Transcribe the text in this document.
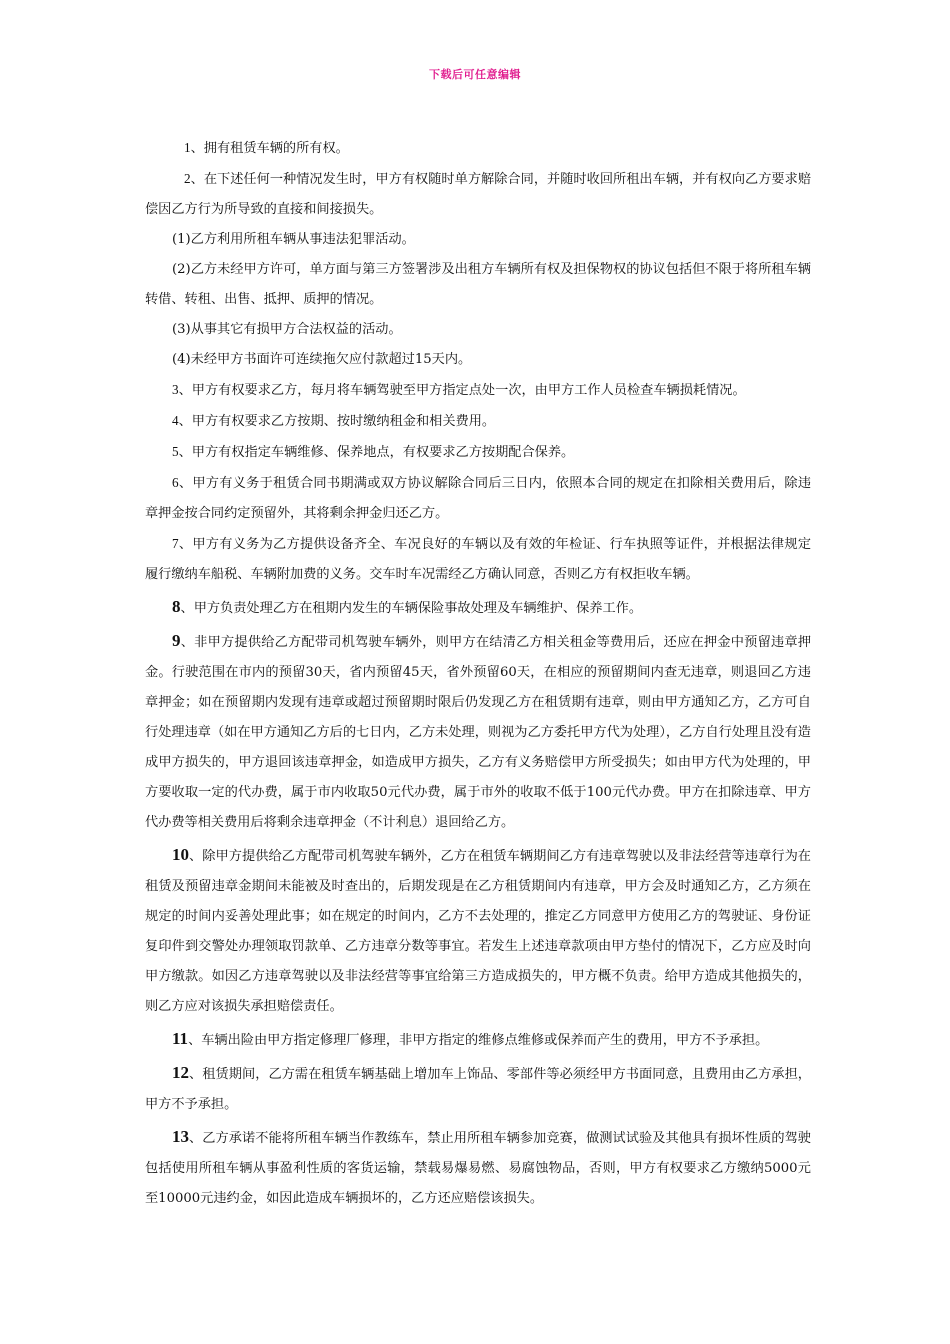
下载后可任意编辑

1、拥有租赁车辆的所有权。

2、在下述任何一种情况发生时，甲方有权随时单方解除合同，并随时收回所租出车辆，并有权向乙方要求赔偿因乙方行为所导致的直接和间接损失。

(1)乙方利用所租车辆从事违法犯罪活动。

(2)乙方未经甲方许可，单方面与第三方签署涉及出租方车辆所有权及担保物权的协议包括但不限于将所租车辆转借、转租、出售、抵押、质押的情况。

(3)从事其它有损甲方合法权益的活动。

(4)未经甲方书面许可连续拖欠应付款超过15天内。

3、甲方有权要求乙方，每月将车辆驾驶至甲方指定点处一次，由甲方工作人员检查车辆损耗情况。

4、甲方有权要求乙方按期、按时缴纳租金和相关费用。

5、甲方有权指定车辆维修、保养地点，有权要求乙方按期配合保养。

6、甲方有义务于租赁合同书期满或双方协议解除合同后三日内，依照本合同的规定在扣除相关费用后，除违章押金按合同约定预留外，其将剩余押金归还乙方。

7、甲方有义务为乙方提供设备齐全、车况良好的车辆以及有效的年检证、行车执照等证件，并根据法律规定履行缴纳车船税、车辆附加费的义务。交车时车况需经乙方确认同意，否则乙方有权拒收车辆。

8、甲方负责处理乙方在租期内发生的车辆保险事故处理及车辆维护、保养工作。

9、非甲方提供给乙方配带司机驾驶车辆外，则甲方在结清乙方相关租金等费用后，还应在押金中预留违章押金。行驶范围在市内的预留30天，省内预留45天，省外预留60天，在相应的预留期间内查无违章，则退回乙方违章押金；如在预留期内发现有违章或超过预留期时限后仍发现乙方在租赁期有违章，则由甲方通知乙方，乙方可自行处理违章（如在甲方通知乙方后的七日内，乙方未处理，则视为乙方委托甲方代为处理），乙方自行处理且没有造成甲方损失的，甲方退回该违章押金，如造成甲方损失，乙方有义务赔偿甲方所受损失；如由甲方代为处理的，甲方要收取一定的代办费，属于市内收取50元代办费，属于市外的收取不低于100元代办费。甲方在扣除违章、甲方代办费等相关费用后将剩余违章押金（不计利息）退回给乙方。

10、除甲方提供给乙方配带司机驾驶车辆外，乙方在租赁车辆期间乙方有违章驾驶以及非法经营等违章行为在租赁及预留违章金期间未能被及时查出的，后期发现是在乙方租赁期间内有违章，甲方会及时通知乙方，乙方须在规定的时间内妥善处理此事；如在规定的时间内，乙方不去处理的，推定乙方同意甲方使用乙方的驾驶证、身份证复印件到交警处办理领取罚款单、乙方违章分数等事宜。若发生上述违章款项由甲方垫付的情况下，乙方应及时向甲方缴款。如因乙方违章驾驶以及非法经营等事宜给第三方造成损失的，甲方概不负责。给甲方造成其他损失的，则乙方应对该损失承担赔偿责任。

11、车辆出险由甲方指定修理厂修理，非甲方指定的维修点维修或保养而产生的费用，甲方不予承担。

12、租赁期间，乙方需在租赁车辆基础上增加车上饰品、零部件等必须经甲方书面同意，且费用由乙方承担，甲方不予承担。

13、乙方承诺不能将所租车辆当作教练车，禁止用所租车辆参加竞赛，做测试试验及其他具有损坏性质的驾驶包括使用所租车辆从事盈利性质的客货运输，禁载易爆易燃、易腐蚀物品，否则，甲方有权要求乙方缴纳5000元至10000元违约金，如因此造成车辆损坏的，乙方还应赔偿该损失。
